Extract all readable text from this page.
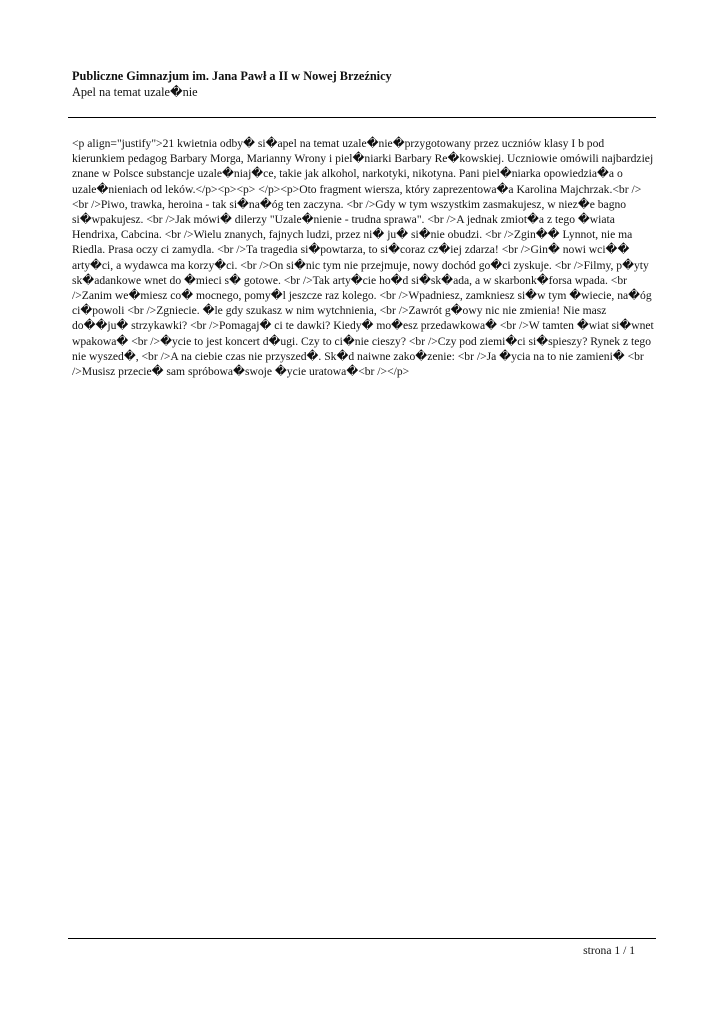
Publiczne Gimnazjum im. Jana Pawł a II w Nowej Brzeźnicy
Apel na temat uzale�nie
<p align="justify">21 kwietnia odby� si�apel na temat uzale�nie�przygotowany przez uczniów klasy I b pod kierunkiem pedagog Barbary Morga, Marianny Wrony i piel�niarki Barbary Re�kowskiej. Uczniowie omówili najbardziej znane w Polsce substancje uzale�niaj�ce, takie jak alkohol, narkotyki, nikotyna. Pani piel�niarka opowiedzia�a o uzale�nieniach od leków.</p><p><p> </p><p>Oto fragment wiersza, który zaprezentowa�a Karolina Majchrzak.<br /><br />Piwo, trawka, heroina - tak si�na�óg ten zaczyna. <br />Gdy w tym wszystkim zasmakujesz, w niez�e bagno si�wpakujesz. <br />Jak mówi� dilerzy "Uzale�nienie - trudna sprawa". <br />A jednak zmiot�a z tego �wiata Hendrixa, Cabcina. <br />Wielu znanych, fajnych ludzi, przez ni� ju� si�nie obudzi. <br />Zgin�� Lynnot, nie ma Riedla. Prasa oczy ci zamydla. <br />Ta tragedia si�powtarza, to si�coraz cz�iej zdarza! <br />Gin� nowi wci�� arty�ci, a wydawca ma korzy�ci. <br />On si�nic tym nie przejmuje, nowy dochód go�ci zyskuje. <br />Filmy, p�yty sk�adankowe wnet do �mieci s� gotowe. <br />Tak arty�cie ho�d si�sk�ada, a w skarbonk�forsa wpada. <br />Zanim we�miesz co� mocnego, pomy�l jeszcze raz kolego. <br />Wpadniesz, zamkniesz si�w tym �wiecie, na�óg ci�powoli <br />Zgniecie. �le gdy szukasz w nim wytchnienia, <br />Zawrót g�owy nic nie zmienia! Nie masz do��ju� strzykawki? <br />Pomagaj� ci te dawki? Kiedy� mo�esz przedawkowa� <br />W tamten �wiat si�wnet wpakowa� <br />�ycie to jest koncert d�ugi. Czy to ci�nie cieszy? <br />Czy pod ziemi�ci si�spieszy? Rynek z tego nie wyszed�, <br />A na ciebie czas nie przyszed�. Sk�d naiwne zako�zenie: <br />Ja �ycia na to nie zamieni� <br />Musisz przecie� sam spróbowa�swoje �ycie uratowa�<br /></p>
strona 1 / 1
